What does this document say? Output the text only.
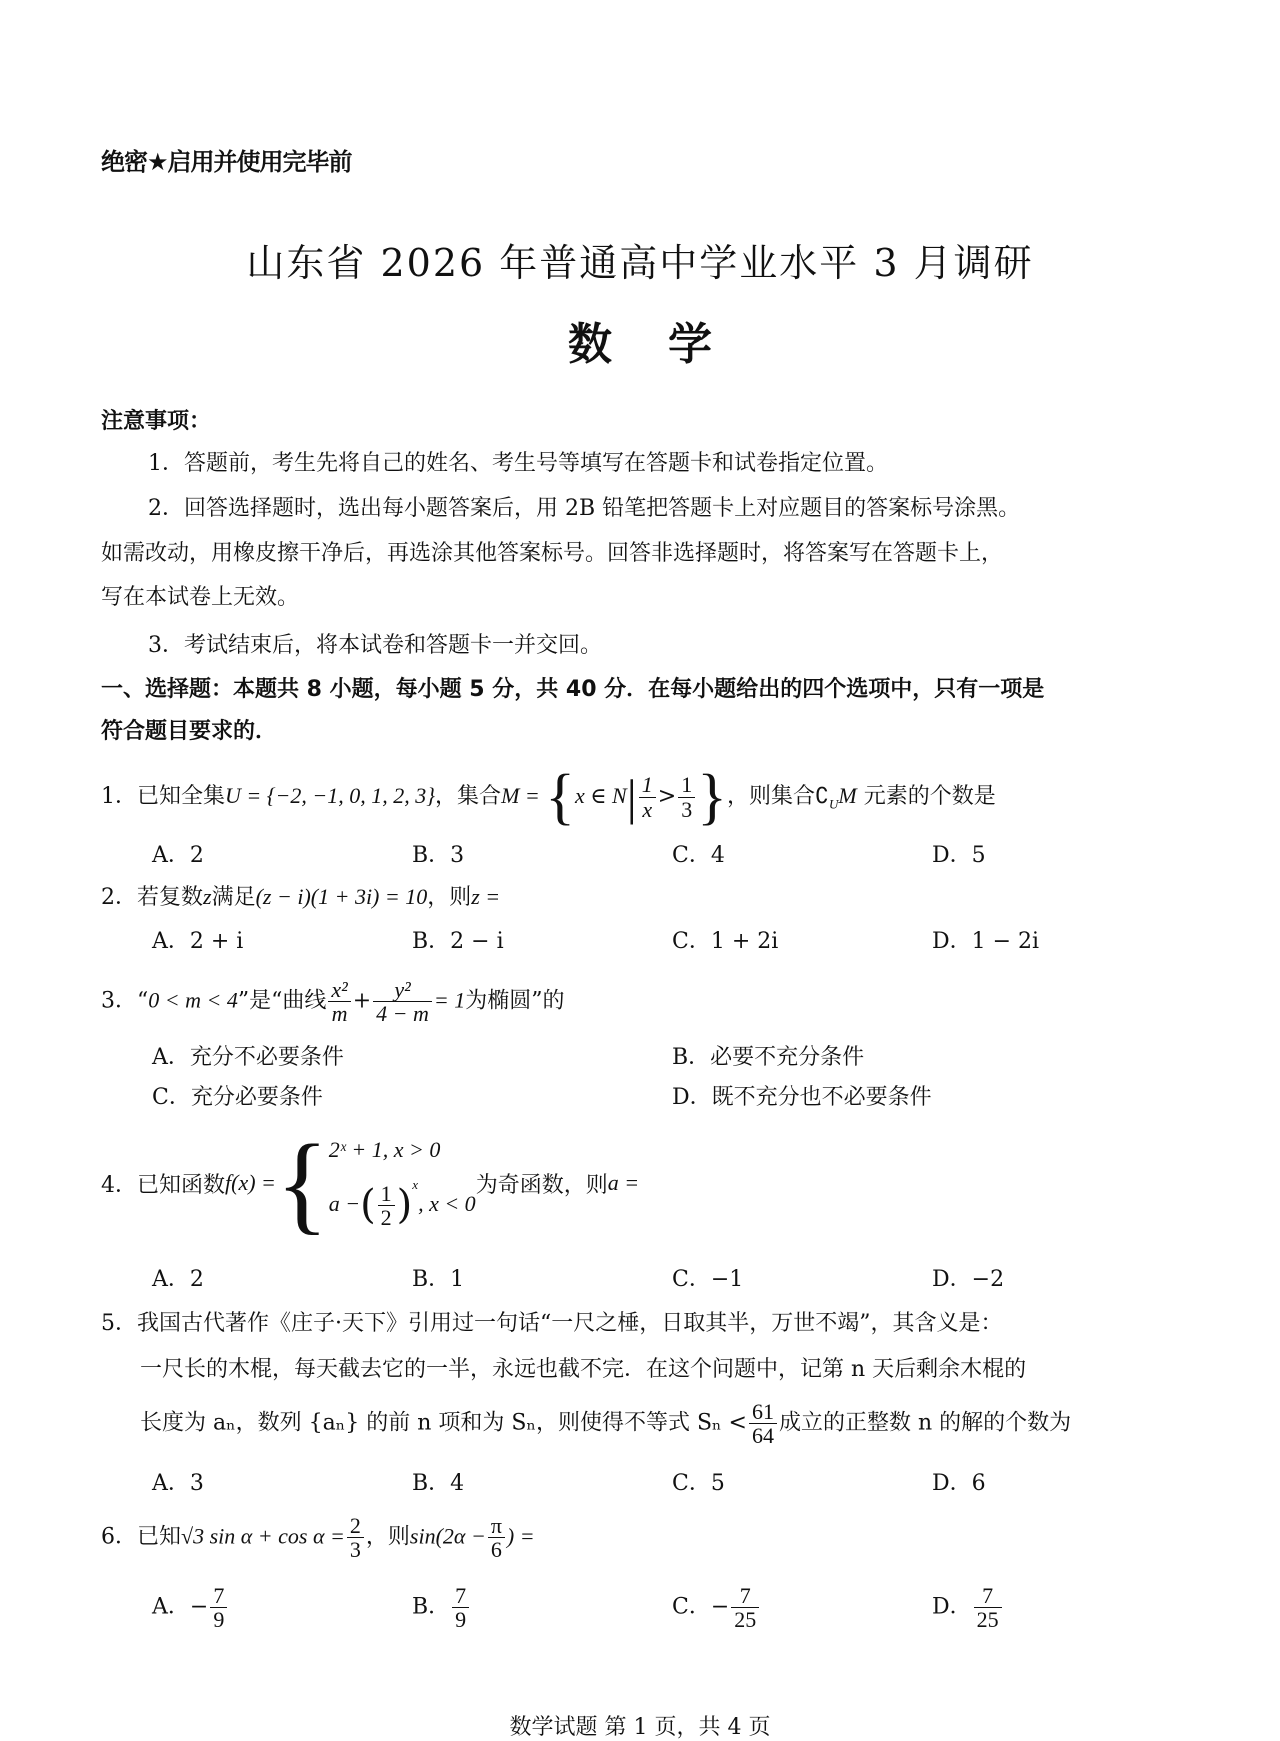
绝密★启用并使用完毕前
山东省 2026 年普通高中学业水平 3 月调研
数 学
注意事项：
1．答题前，考生先将自己的姓名、考生号等填写在答题卡和试卷指定位置。
2．回答选择题时，选出每小题答案后，用 2B 铅笔把答题卡上对应题目的答案标号涂黑。
如需改动，用橡皮擦干净后，再选涂其他答案标号。回答非选择题时，将答案写在答题卡上，
写在本试卷上无效。
3．考试结束后，将本试卷和答题卡一并交回。
一、选择题：本题共 8 小题，每小题 5 分，共 40 分．在每小题给出的四个选项中，只有一项是
符合题目要求的．
1．已知全集U = {−2, −1, 0, 1, 2, 3}，集合M = {x ∈ $N| \frac{1}{x} > \frac{1}{3}$ }，则集合$∁_UM$ 元素的个数是
A．2	B．3	C．4	D．5
2．若复数z满足(z − i)(1 + 3i) = 10，则z =
A．2 + i	B．2 − i	C．1 + 2i	D．1 − 2i
3．“0 < m < 4”是“曲线 $\frac{\text{x²}}{m} + \frac{\text{y²}}{4 - m} = 1$为椭圆”的
A．充分不必要条件	B．必要不充分条件
C．充分必要条件	D．既不充分也不必要条件
4．已知函数f(x) ={ 2ˣ + 1, x > 0
a −( $\frac{1}{2} )^x$, x < 0
为奇函数，则a =
A．2	B．1	C．−1	D．−2
5．我国古代著作《庄子·天下》引用过一句话“一尺之棰，日取其半，万世不竭”，其含义是：
一尺长的木棍，每天截去它的一半，永远也截不完．在这个问题中，记第 n 天后剩余木棍的
长度为 aₙ，数列 {aₙ} 的前 n 项和为 Sₙ，则使得不等式 $S_n < \frac{61}{64}$ 成立的正整数 n 的解的个数为
A．3	B．4	C．5	D．6
6．已知√3 $\sin \alpha + \cos \alpha = \frac{2}{3}$ ，则$\sin(2\alpha - \frac{\pi}{6}$ ) =
A．− $\frac{7}{9}$	B． $\frac{7}{9}$	C．− $\frac{7}{25}$	D． $\frac{7}{25}$
数学试题 第 1 页，共 4 页
